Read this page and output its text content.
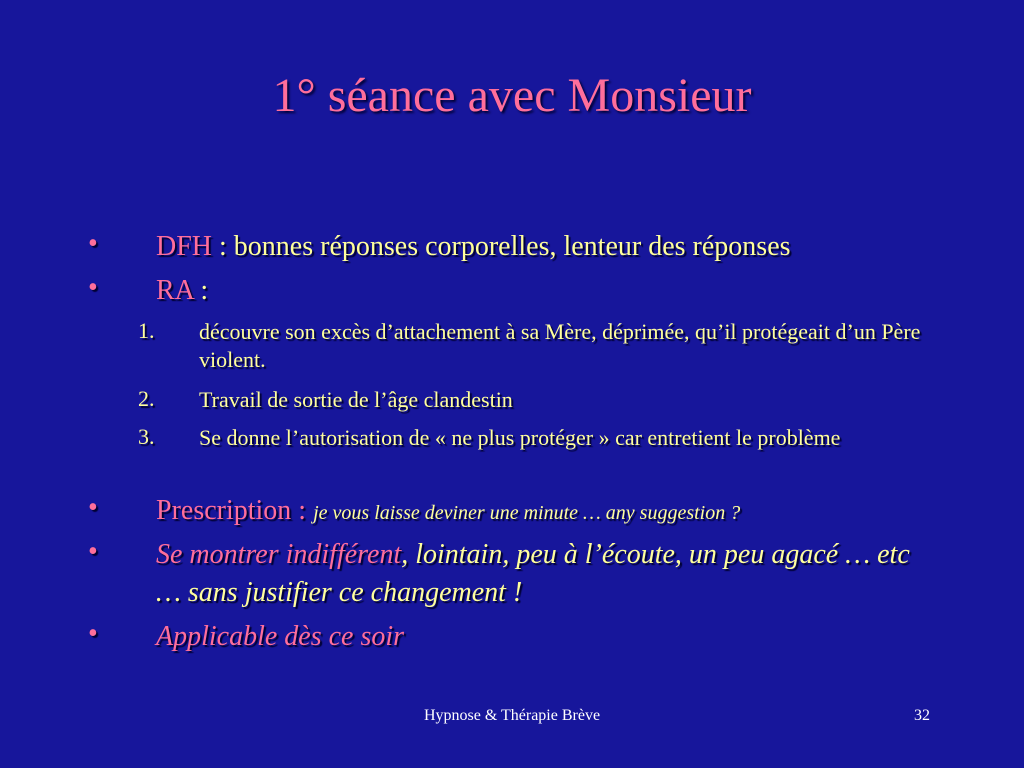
1° séance avec Monsieur
• DFH : bonnes réponses corporelles, lenteur des réponses
• RA :
1. découvre son excès d’attachement à sa Mère, déprimée, qu’il protégeait d’un Père violent.
2. Travail de sortie de l’âge clandestin
3. Se donne l’autorisation de « ne plus protéger » car entretient le problème
• Prescription : je vous laisse deviner une minute … any suggestion ?
• Se montrer indifférent, lointain, peu à l’écoute, un peu agacé … etc … sans justifier ce changement !
• Applicable dès ce soir
Hypnose & Thérapie Brève	32
